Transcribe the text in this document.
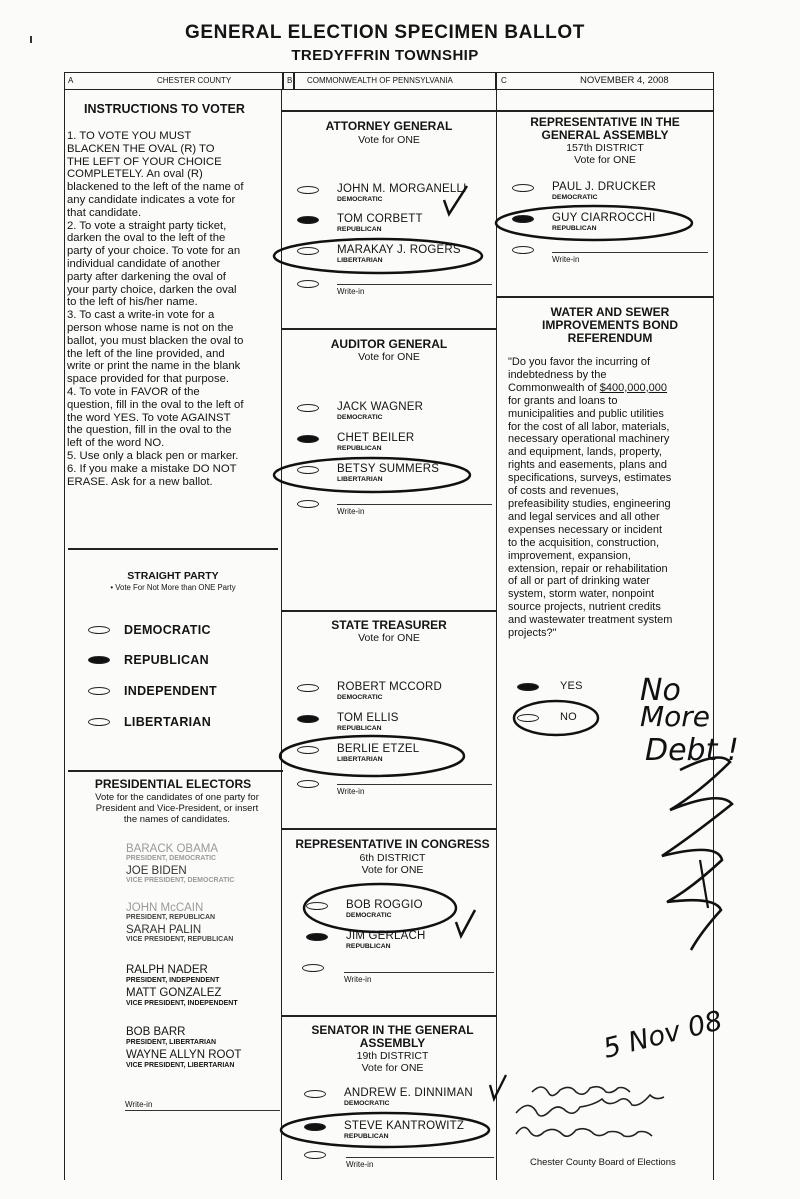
GENERAL ELECTION SPECIMEN BALLOT
TREDYFFRIN TOWNSHIP
A	CHESTER COUNTY	B COMMONWEALTH OF PENNSYLVANIA	C	NOVEMBER 4, 2008
INSTRUCTIONS TO VOTER

1. TO VOTE YOU MUST
BLACKEN THE OVAL (R) TO
THE LEFT OF YOUR CHOICE
COMPLETELY. An oval (R)
blackened to the left of the name of
any candidate indicates a vote for
that candidate.

2. To vote a straight party ticket,
darken the oval to the left of the
party of your choice. To vote for an
individual candidate of another
party after darkening the oval of
your party choice, darken the oval
to the left of his/her name.

3. To cast a write-in vote for a
person whose name is not on the
ballot, you must blacken the oval to
the left of the line provided, and
write or print the name in the blank
space provided for that purpose.

4. To vote in FAVOR of the
question, fill in the oval to the left of
the word YES. To vote AGAINST
the question, fill in the oval to the
left of the word NO.

5. Use only a black pen or marker.

6. If you make a mistake DO NOT
ERASE. Ask for a new ballot.

STRAIGHT PARTY
• Vote For Not More than ONE Party
DEMOCRATIC
REPUBLICAN
INDEPENDENT
LIBERTARIAN
PRESIDENTIAL ELECTORS
Vote for the candidates of one party for
President and Vice-President, or insert
the names of candidates.
BARACK OBAMA
PRESIDENT, DEMOCRATIC
JOE BIDEN
VICE PRESIDENT, DEMOCRATIC
JOHN McCAIN
PRESIDENT, REPUBLICAN
SARAH PALIN
VICE PRESIDENT, REPUBLICAN
RALPH NADER
PRESIDENT, INDEPENDENT
MATT GONZALEZ
VICE PRESIDENT, INDEPENDENT
BOB BARR
PRESIDENT, LIBERTARIAN
WAYNE ALLYN ROOT
VICE PRESIDENT, LIBERTARIAN
Write-in
ATTORNEY GENERAL
Vote for ONE
JOHN M. MORGANELLI
DEMOCRATIC
TOM CORBETT
REPUBLICAN
MARAKAY J. ROGERS
LIBERTARIAN
Write-in
AUDITOR GENERAL
Vote for ONE
JACK WAGNER
DEMOCRATIC
CHET BEILER
REPUBLICAN
BETSY SUMMERS
LIBERTARIAN
Write-in
STATE TREASURER
Vote for ONE
ROBERT MCCORD
DEMOCRATIC
TOM ELLIS
REPUBLICAN
BERLIE ETZEL
LIBERTARIAN
Write-in
REPRESENTATIVE IN CONGRESS
6th DISTRICT
Vote for ONE
BOB ROGGIO
DEMOCRATIC
JIM GERLACH
REPUBLICAN
Write-in
SENATOR IN THE GENERAL
ASSEMBLY
19th DISTRICT
Vote for ONE
ANDREW E. DINNIMAN
DEMOCRATIC
STEVE KANTROWITZ
REPUBLICAN
Write-in
REPRESENTATIVE IN THE
GENERAL ASSEMBLY
157th DISTRICT
Vote for ONE
PAUL J. DRUCKER
DEMOCRATIC
GUY CIARROCCHI
REPUBLICAN
Write-in
WATER AND SEWER
IMPROVEMENTS BOND
REFERENDUM
"Do you favor the incurring of
indebtedness by the
Commonwealth of $400,000,000
for grants and loans to
municipalities and public utilities
for the cost of all labor, materials,
necessary operational machinery
and equipment, lands, property,
rights and easements, plans and
specifications, surveys, estimates
of costs and revenues,
prefeasibility studies, engineering
and legal services and all other
expenses necessary or incident
to the acquisition, construction,
improvement, expansion,
extension, repair or rehabilitation
of all or part of drinking water
system, storm water, nonpoint
source projects, nutrient credits
and wastewater treatment system
projects?"
YES
NO
Chester County Board of Elections
No
More
Debt !
5 Nov 08
